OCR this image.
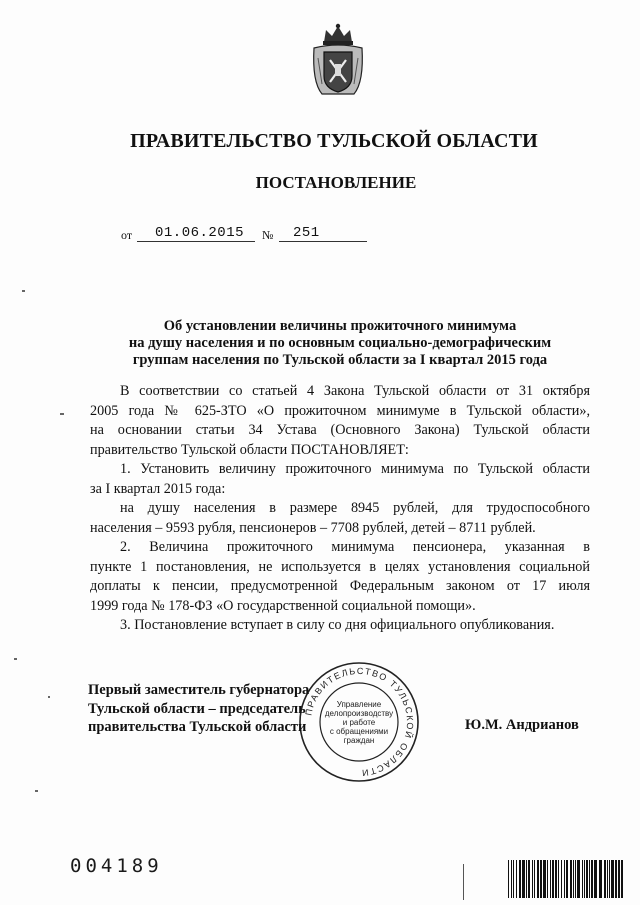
ПРАВИТЕЛЬСТВО ТУЛЬСКОЙ ОБЛАСТИ
ПОСТАНОВЛЕНИЕ
от 01.06.2015 № 251
Об установлении величины прожиточного минимума
на душу населения и по основным социально-демографическим
группам населения по Тульской области за I квартал 2015 года
В соответствии со статьей 4 Закона Тульской области от 31 октября
2005 года № 625-ЗТО «О прожиточном минимуме в Тульской области»,
на основании статьи 34 Устава (Основного Закона) Тульской области
правительство Тульской области ПОСТАНОВЛЯЕТ:
1. Установить величину прожиточного минимума по Тульской области
за I квартал 2015 года:
на душу населения в размере 8945 рублей, для трудоспособного
населения – 9593 рубля, пенсионеров – 7708 рублей, детей – 8711 рублей.
2. Величина прожиточного минимума пенсионера, указанная в
пункте 1 постановления, не используется в целях установления социальной
доплаты к пенсии, предусмотренной Федеральным законом от 17 июля
1999 года № 178-ФЗ «О государственной социальной помощи».
3. Постановление вступает в силу со дня официального опубликования.
ПРАВИТЕЛЬСТВО ТУЛЬСКОЙ ОБЛАСТИ
Управление
делопроизводству
и работе
с обращениями
граждан
Первый заместитель губернатора
Тульской области – председатель
правительства Тульской области	Ю.М. Андрианов
004189
